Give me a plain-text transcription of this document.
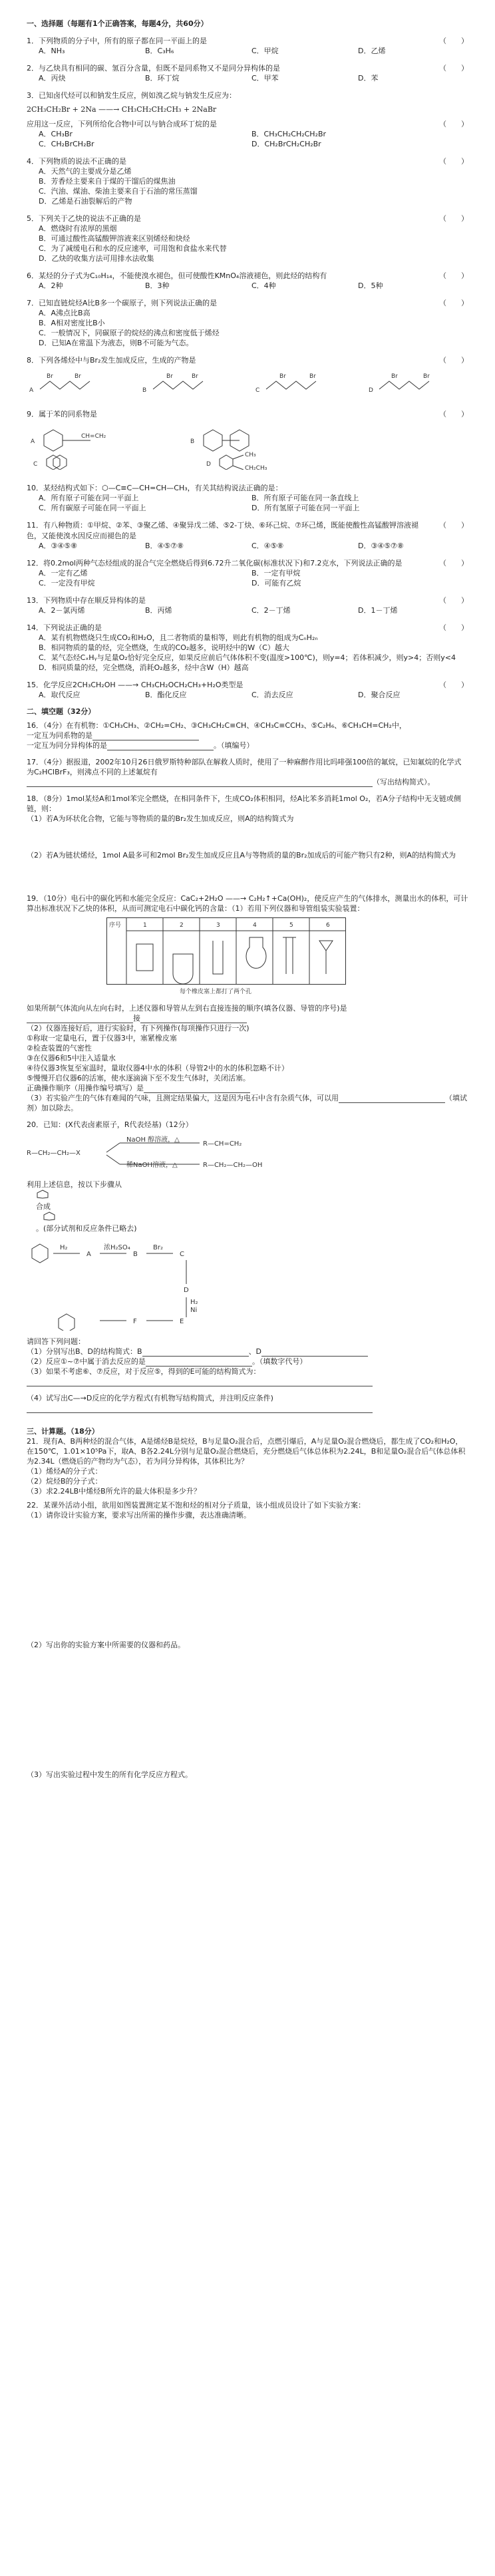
一、选择题（每题有1个正确答案，每题4分，共60分）

1．下列物质的分子中，所有的原子都在同一平面上的是	（　　）
A．NH₃	B．C₃H₆	C．甲烷	D．乙烯
2．与乙炔具有相同的碳、氢百分含量，但既不是同系物又不是同分异构体的是	（　　）
A．丙炔	B．环丁烷	C．甲苯	D．苯
3．已知卤代烃可以和钠发生反应，例如溴乙烷与钠发生反应为：

2CH₃CH₂Br + 2Na ——→ CH₃CH₂CH₂CH₃ + 2NaBr

应用这一反应，下列所给化合物中可以与钠合成环丁烷的是	（　　）
A．CH₃Br	B．CH₃CH₂CH₂CH₂Br
C．CH₂BrCH₂Br	D．CH₂BrCH₂CH₂Br
4．下列物质的说法不正确的是	（　　）
A．天然气的主要成分是乙烯
B．芳香烃主要来自于煤的干馏后的煤焦油
C．汽油、煤油、柴油主要来自于石油的常压蒸馏
D．乙烯是石油裂解后的产物
5．下列关于乙炔的说法不正确的是	（　　）
A．燃烧时有浓厚的黑烟
B．可通过酸性高锰酸钾溶液来区别烯烃和炔烃
C．为了减缓电石和水的反应速率，可用饱和食盐水来代替
D．乙炔的收集方法可用排水法收集
6．某烃的分子式为C₁₀H₁₄，不能使溴水褪色，但可使酸性KMnO₄溶液褪色，则此烃的结构有	（　　）
A．2种	B．3种	C．4种	D．5种
7．已知直链烷烃A比B多一个碳原子，则下列说法正确的是	（　　）
A．A沸点比B高
B．A相对密度比B小
C．一般情况下，同碳原子的烷烃的沸点和密度低于烯烃
D．已知A在常温下为液态，则B不可能为气态。
8．下列各烯烃中与Br₂发生加成反应，生成的产物是	（　　）
A	B	C	D
Br	Br	Br	Br	Br	Br	Br	Br
9．属于苯的同系物是	（　　）
A	B
C	D
CH=CH₂
CH₃
CH₂CH₃
10．某烃结构式如下：⬡—C≡C—CH=CH—CH₃，有关其结构说法正确的是：
A．所有原子可能在同一平面上	B．所有原子可能在同一条直线上
C．所有碳原子可能在同一平面上	D．所有氢原子可能在同一平面上
11．有八种物质：①甲烷、②苯、③聚乙烯、④聚异戊二烯、⑤2-丁炔、⑥环己烷、⑦环己烯，既能使酸性高锰酸钾溶液褪色，又能使溴水因反应而褪色的是
（　　）
A．③④⑤⑧	B．④⑤⑦⑧	C．④⑤⑧	D．③④⑤⑦⑧
12．将0.2mol两种气态烃组成的混合气完全燃烧后得到6.72升二氧化碳(标准状况下)和7.2克水，下列说法正确的是	（　　）
A．一定有乙烯	B．一定有甲烷
C．一定没有甲烷	D．可能有乙烷
13．下列物质中存在顺反异构体的是	（　　）
A．2－氯丙烯	B．丙烯	C．2－丁烯	D．1－丁烯
14．下列说法正确的是	（　　）
A．某有机物燃烧只生成CO₂和H₂O，且二者物质的量相等，则此有机物的组成为CₙH₂ₙ
B．相同物质的量的烃，完全燃烧，生成的CO₂越多，说明烃中的W（C）越大
C．某气态烃CₓHᵧ与足量O₂恰好完全反应，如果反应前后气体体积不变(温度>100℃)，则y=4；若体积减少，则y>4；否则y<4
D．相同质量的烃，完全燃烧，消耗O₂越多，烃中含W（H）越高
15．化学反应2CH₃CH₂OH ——→ CH₃CH₂OCH₂CH₃+H₂O类型是	（　　）
A．取代反应	B．酯化反应	C．消去反应	D．聚合反应

二、填空题（32分）

16．（4分）在有机物：①CH₃CH₃、②CH₂=CH₂、③CH₃CH₂C≡CH、④CH₃C≡CCH₃、⑤C₂H₆、⑥CH₃CH=CH₂中，

一定互为同系物的是

一定互为同分异构体的是	。（填编号）

17．（4分）据报道，2002年10月26日俄罗斯特种部队在解救人质时，使用了一种麻醉作用比吗啡强100倍的氟烷，已知氟烷的化学式为C₂HClBrF₃，则沸点不同的上述氟烷有

（写出结构简式）。

18．（8分）1mol某烃A和1mol苯完全燃烧，在相同条件下，生成CO₂体积相同，烃A比苯多消耗1mol O₂，若A分子结构中无支链或侧链，则：

（1）若A为环状化合物，它能与等物质的量的Br₂发生加成反应，则A的结构简式为

（2）若A为链状烯烃，1mol A最多可和2mol Br₂发生加成反应且A与等物质的量的Br₂加成后的可能产物只有2种，则A的结构简式为

19．（10分）电石中的碳化钙和水能完全反应：CaC₂+2H₂O ——→ C₂H₂↑+Ca(OH)₂，使反应产生的气体排水，测量出水的体积，可计算出标准状况下乙炔的体积，从而可测定电石中碳化钙的含量：（1）若用下列仪器和导管组装实验装置：

序号	1	2	3	4	5	6
每个橡皮塞上都打了两个孔

如果所制气体流向从左向右时，上述仪器和导管从左到右直接连接的顺序(填各仪器、导管的序号)是

接

（2）仪器连接好后，进行实验时，有下列操作(每项操作只进行一次)

①称取一定量电石，置于仪器3中，塞紧橡皮塞

②检查装置的气密性

③在仪器6和5中注入适量水

④待仪器3恢复至室温时，量取仪器4中水的体积（导管2中的水的体积忽略不计）

⑤慢慢开启仪器6的活塞，使水逐滴滴下至不发生气体时，关闭活塞。

正确操作顺序（用操作编号填写）是

（3）若实验产生的气体有难闻的气味，且测定结果偏大，这是因为电石中含有杂质气体，可以用	（填试剂）加以除去。

20．已知：(X代表卤素原子，R代表烃基)（12分）

R—CH₂—CH₂—X
NaOH 醇溶液，△
R—CH=CH₂
稀NaOH溶液，△	R—CH₂—CH₂—OH

利用上述信息，按以下步骤从

合成

。(部分试剂和反应条件已略去)

A	B	C
D
F	E
H₂	浓H₂SO₄	Br₂
H₂
Ni

请回答下列问题：

（1）分别写出B、D的结构简式：B	、D

（2）反应①~⑦中属于消去反应的是	。（填数字代号）

（3）如果不考虑⑥、⑦反应，对于反应⑤，得到的E可能的结构简式为：

（4）试写出C—→D反应的化学方程式(有机物写结构简式，并注明反应条件)

三、计算题。（18分）

21．现有A、B两种烃的混合气体，A是烯烃B是烷烃，B与足量O₂混合后，点燃引爆后，A与足量O₂混合燃烧后，都生成了CO₂和H₂O，在150℃，1.01×10⁵Pa下，取A、B各2.24L分别与足量O₂混合燃烧后，充分燃烧后气体总体积为2.24L，B和足量O₂混合后气体总体积为2.34L（燃烧后的产物均为气态），若为同分异构体，其体积比为？

（1）烯烃A的分子式：

（2）烷烃B的分子式：

（3）求2.24LB中烯烃B所允许的最大体积是多少升？

22．某课外活动小组，欲用如图装置测定某不饱和烃的相对分子质量，该小组成员设计了如下实验方案：

（1）请你设计实验方案，要求写出所需的操作步骤，表达准确清晰。

（2）写出你的实验方案中所需要的仪器和药品。

（3）写出实验过程中发生的所有化学反应方程式。
